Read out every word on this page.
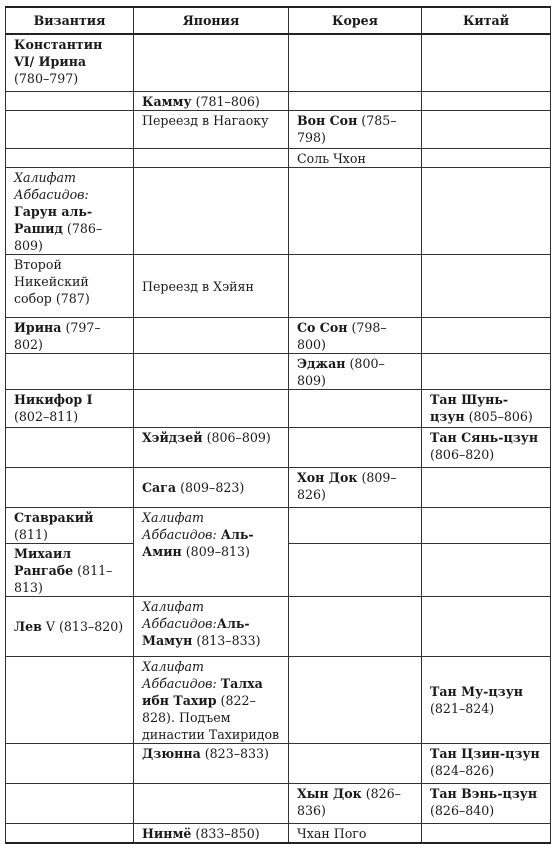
Византия	Япония	Корея	Китай
Константин VI/ Ирина (780–797)			
	Камму (781–806)		
	Переезд в Нагаоку	Вон Сон (785–798)	
		Соль Чхон	
Халифат Аббасидов: Гарун аль-Рашид (786–809)			
Второй Никейский собор (787)	Переезд в Хэйян		
Ирина (797–802)		Со Сон (798–800)	
		Эджан (800–809)	
Никифор I (802–811)			Тан Шунь-цзун (805–806)
	Хэйдзей (806–809)		Тан Сянь-цзун (806–820)
	Сага (809–823)	Хон Док (809–826)	
Ставракий (811)	Халифат Аббасидов: Аль-Амин (809–813)		
Михаил Рангабе (811–813)			
Лев V (813–820)	Халифат Аббасидов:Аль-Мамун (813–833)		
	Халифат Аббасидов: Талха ибн Тахир (822–828). Подъем династии Тахиридов		Тан Му-цзун (821–824)
	Дзюнна (823–833)		Тан Цзин-цзун (824–826)
		Хын Док (826–836)	Тан Вэнь-цзун (826–840)
	Нинмё (833–850)	Чхан Пого	
